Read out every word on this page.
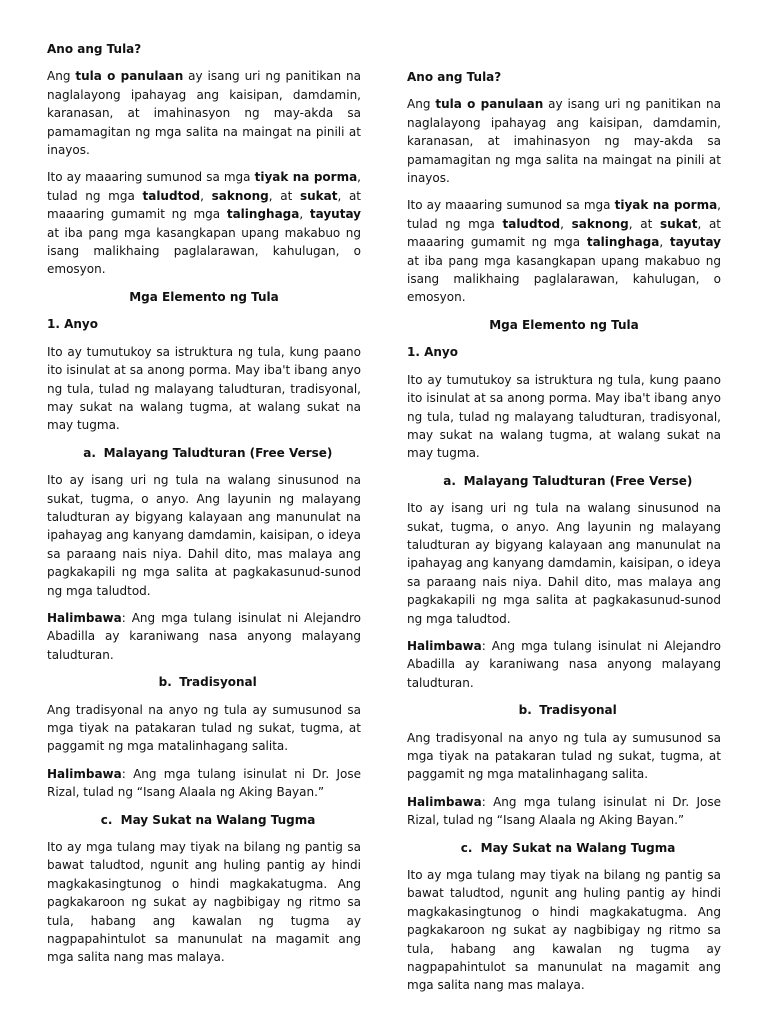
Ano ang Tula?

Ang tula o panulaan ay isang uri ng panitikan na naglalayong ipahayag ang kaisipan, damdamin, karanasan, at imahinasyon ng may-akda sa pamamagitan ng mga salita na maingat na pinili at inayos.

Ito ay maaaring sumunod sa mga tiyak na porma, tulad ng mga taludtod, saknong, at sukat, at maaaring gumamit ng mga talinghaga, tayutay at iba pang mga kasangkapan upang makabuo ng isang malikhaing paglalarawan, kahulugan, o emosyon.

Mga Elemento ng Tula
1. Anyo

Ito ay tumutukoy sa istruktura ng tula, kung paano ito isinulat at sa anong porma. May iba't ibang anyo ng tula, tulad ng malayang taludturan, tradisyonal, may sukat na walang tugma, at walang sukat na may tugma.

a. Malayang Taludturan (Free Verse)

Ito ay isang uri ng tula na walang sinusunod na sukat, tugma, o anyo. Ang layunin ng malayang taludturan ay bigyang kalayaan ang manunulat na ipahayag ang kanyang damdamin, kaisipan, o ideya sa paraang nais niya. Dahil dito, mas malaya ang pagkakapili ng mga salita at pagkakasunud-sunod ng mga taludtod.

Halimbawa: Ang mga tulang isinulat ni Alejandro Abadilla ay karaniwang nasa anyong malayang taludturan.

b. Tradisyonal

Ang tradisyonal na anyo ng tula ay sumusunod sa mga tiyak na patakaran tulad ng sukat, tugma, at paggamit ng mga matalinhagang salita.

Halimbawa: Ang mga tulang isinulat ni Dr. Jose Rizal, tulad ng “Isang Alaala ng Aking Bayan.”

c. May Sukat na Walang Tugma

Ito ay mga tulang may tiyak na bilang ng pantig sa bawat taludtod, ngunit ang huling pantig ay hindi magkakasingtunog o hindi magkakatugma. Ang pagkakaroon ng sukat ay nagbibigay ng ritmo sa tula, habang ang kawalan ng tugma ay nagpapahintulot sa manunulat na magamit ang mga salita nang mas malaya.

Ano ang Tula?

Ang tula o panulaan ay isang uri ng panitikan na naglalayong ipahayag ang kaisipan, damdamin, karanasan, at imahinasyon ng may-akda sa pamamagitan ng mga salita na maingat na pinili at inayos.

Ito ay maaaring sumunod sa mga tiyak na porma, tulad ng mga taludtod, saknong, at sukat, at maaaring gumamit ng mga talinghaga, tayutay at iba pang mga kasangkapan upang makabuo ng isang malikhaing paglalarawan, kahulugan, o emosyon.

Mga Elemento ng Tula
1. Anyo

Ito ay tumutukoy sa istruktura ng tula, kung paano ito isinulat at sa anong porma. May iba't ibang anyo ng tula, tulad ng malayang taludturan, tradisyonal, may sukat na walang tugma, at walang sukat na may tugma.

a. Malayang Taludturan (Free Verse)

Ito ay isang uri ng tula na walang sinusunod na sukat, tugma, o anyo. Ang layunin ng malayang taludturan ay bigyang kalayaan ang manunulat na ipahayag ang kanyang damdamin, kaisipan, o ideya sa paraang nais niya. Dahil dito, mas malaya ang pagkakapili ng mga salita at pagkakasunud-sunod ng mga taludtod.

Halimbawa: Ang mga tulang isinulat ni Alejandro Abadilla ay karaniwang nasa anyong malayang taludturan.

b. Tradisyonal

Ang tradisyonal na anyo ng tula ay sumusunod sa mga tiyak na patakaran tulad ng sukat, tugma, at paggamit ng mga matalinhagang salita.

Halimbawa: Ang mga tulang isinulat ni Dr. Jose Rizal, tulad ng “Isang Alaala ng Aking Bayan.”

c. May Sukat na Walang Tugma

Ito ay mga tulang may tiyak na bilang ng pantig sa bawat taludtod, ngunit ang huling pantig ay hindi magkakasingtunog o hindi magkakatugma. Ang pagkakaroon ng sukat ay nagbibigay ng ritmo sa tula, habang ang kawalan ng tugma ay nagpapahintulot sa manunulat na magamit ang mga salita nang mas malaya.
